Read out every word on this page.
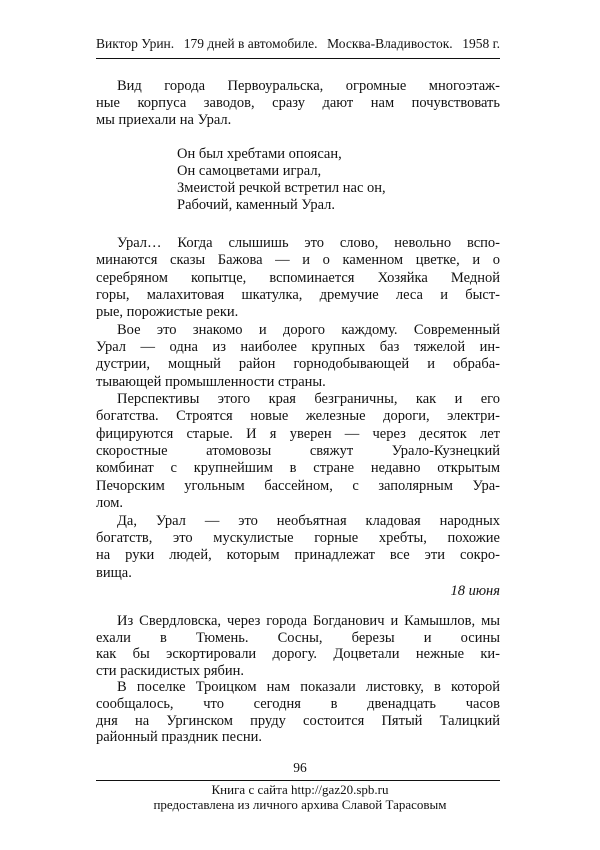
Виктор Урин. 179 дней в автомобиле. Москва-Владивосток. 1958 г.
Вид города Первоуральска, огромные многоэтаж-
ные корпуса заводов, сразу дают нам почувствовать
мы приехали на Урал.
Он был хребтами опоясан,
Он самоцветами играл,
Змеистой речкой встретил нас он,
Рабочий, каменный Урал.
Урал… Когда слышишь это слово, невольно вспо-
минаются сказы Бажова — и о каменном цветке, и о
серебряном копытце, вспоминается Хозяйка Медной
горы, малахитовая шкатулка, дремучие леса и быст-
рые, порожистые реки.
Вое это знакомо и дорого каждому. Современный
Урал — одна из наиболее крупных баз тяжелой ин-
дустрии, мощный район горнодобывающей и обраба-
тывающей промышленности страны.
Перспективы этого края безграничны, как и его
богатства. Строятся новые железные дороги, электри-
фицируются старые. И я уверен — через десяток лет
скоростные атомовозы свяжут Урало-Кузнецкий
комбинат с крупнейшим в стране недавно открытым
Печорским угольным бассейном, с заполярным Ура-
лом.
Да, Урал — это необъятная кладовая народных
богатств, это мускулистые горные хребты, похожие
на руки людей, которым принадлежат все эти сокро-
вища.
18 июня
Из Свердловска, через города Богданович и Камышлов, мы
ехали в Тюмень. Сосны, березы и осины
как бы эскортировали дорогу. Доцветали нежные ки-
сти раскидистых рябин.
В поселке Троицком нам показали листовку, в которой
сообщалось, что сегодня в двенадцать часов
дня на Ургинском пруду состоится Пятый Талицкий
районный праздник песни.
96
Книга с сайта http://gaz20.spb.ru
предоставлена из личного архива Славой Тарасовым
